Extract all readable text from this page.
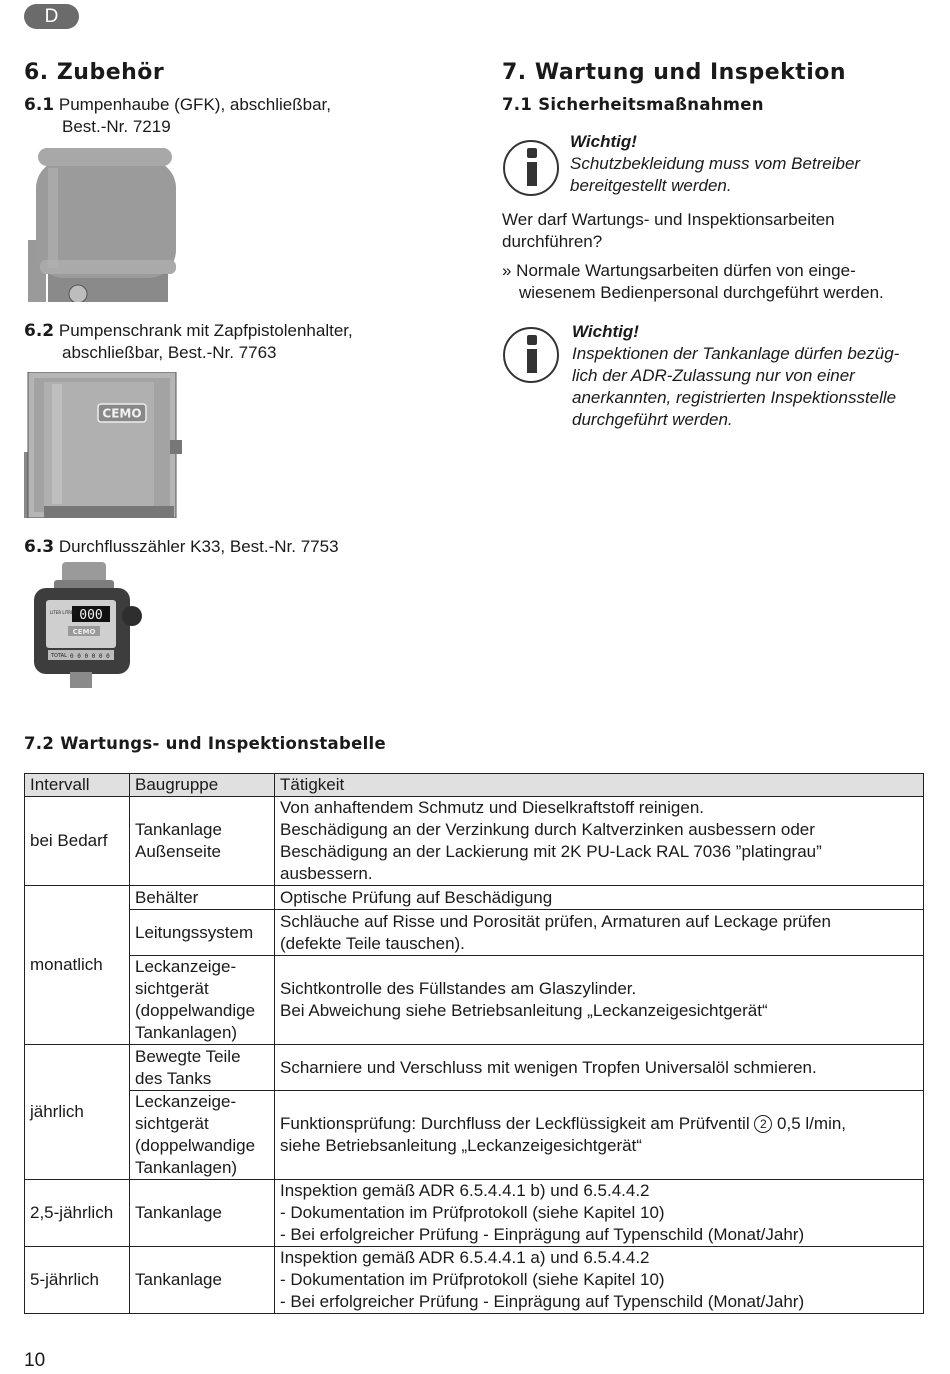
D
6. Zubehör
6.1 Pumpenhaube (GFK), abschließbar,
Best.-Nr. 7219
6.2 Pumpenschrank mit Zapfpistolenhalter,
abschließbar, Best.-Nr. 7763
CEMO
6.3 Durchflusszähler K33, Best.-Nr. 7753
000
LITER LITRES
CEMO
TOTAL 0 0 0 0 0 0
7. Wartung und Inspektion
7.1 Sicherheitsmaßnahmen
Wichtig!
Schutzbekleidung muss vom Betreiber
bereitgestellt werden.
Wer darf Wartungs- und Inspektionsarbeiten
durchführen?
» Normale Wartungsarbeiten dürfen von einge-
wiesenem Bedienpersonal durchgeführt werden.
Wichtig!
Inspektionen der Tankanlage dürfen bezüg-
lich der ADR-Zulassung nur von einer
anerkannten, registrierten Inspektionsstelle
durchgeführt werden.
7.2 Wartungs- und Inspektionstabelle
Intervall	Baugruppe	Tätigkeit
bei Bedarf	Tankanlage
Außenseite	Von anhaftendem Schmutz und Dieselkraftstoff reinigen.
Beschädigung an der Verzinkung durch Kaltverzinken ausbessern oder
Beschädigung an der Lackierung mit 2K PU-Lack RAL 7036 ”platingrau”
ausbessern.
monatlich	Behälter	Optische Prüfung auf Beschädigung
	Leitungssystem	Schläuche auf Risse und Porosität prüfen, Armaturen auf Leckage prüfen
(defekte Teile tauschen).
	Leckanzeige-
sichtgerät
(doppelwandige
Tankanlagen)	Sichtkontrolle des Füllstandes am Glaszylinder.
Bei Abweichung siehe Betriebsanleitung „Leckanzeigesichtgerät“
jährlich	Bewegte Teile
des Tanks	Scharniere und Verschluss mit wenigen Tropfen Universalöl schmieren.
	Leckanzeige-
sichtgerät
(doppelwandige
Tankanlagen)	Funktionsprüfung: Durchfluss der Leckflüssigkeit am Prüfventil 2 0,5 l/min,
siehe Betriebsanleitung „Leckanzeigesichtgerät“
2,5-jährlich	Tankanlage	Inspektion gemäß ADR 6.5.4.4.1 b) und 6.5.4.4.2
- Dokumentation im Prüfprotokoll (siehe Kapitel 10)
- Bei erfolgreicher Prüfung - Einprägung auf Typenschild (Monat/Jahr)
5-jährlich	Tankanlage	Inspektion gemäß ADR 6.5.4.4.1 a) und 6.5.4.4.2
- Dokumentation im Prüfprotokoll (siehe Kapitel 10)
- Bei erfolgreicher Prüfung - Einprägung auf Typenschild (Monat/Jahr)
10
